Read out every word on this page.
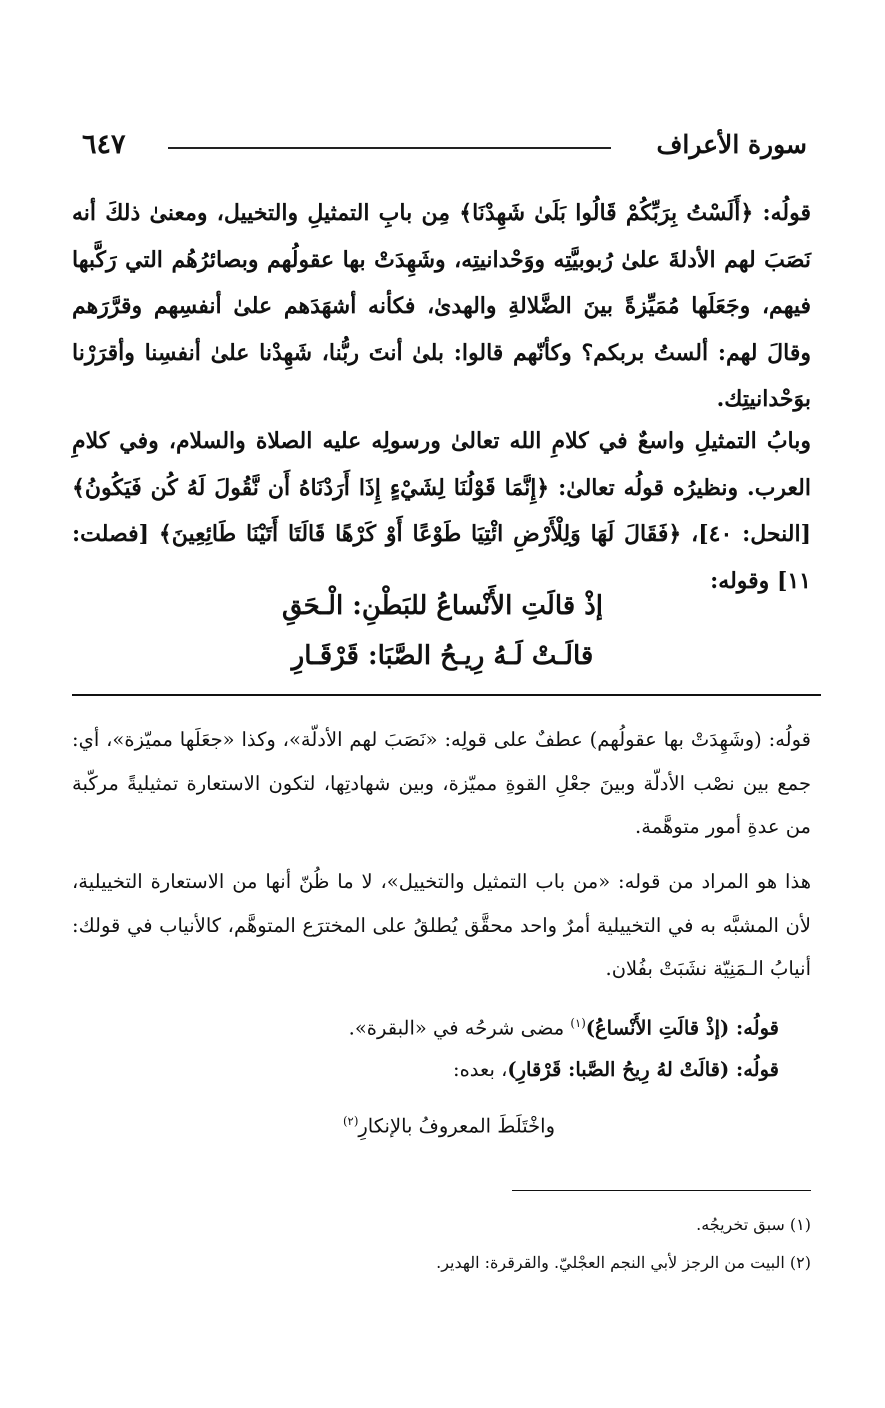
سورة الأعراف
٦٤٧

قولُه: ﴿أَلَسْتُ بِرَبِّكُمْ قَالُوا بَلَىٰ شَهِدْنَا﴾ مِن بابِ التمثيلِ والتخييل، ومعنىٰ ذلكَ أنه نَصَبَ لهم الأدلةَ علىٰ رُبوبيَّتِه ووَحْدانيتِه، وشَهِدَتْ بها عقولُهم وبصائرُهُم التي رَكَّبها فيهم، وجَعَلَها مُمَيِّزةً بينَ الضَّلالةِ والهدىٰ، فكأنه أشهَدَهم علىٰ أنفسِهم وقرَّرَهم وقالَ لهم: ألستُ بربكم؟ وكأنّهم قالوا: بلىٰ أنتَ ربُّنا، شَهِدْنا علىٰ أنفسِنا وأقرَرْنا بوَحْدانيتِك.

وبابُ التمثيلِ واسعٌ في كلامِ الله تعالىٰ ورسولِه عليه الصلاة والسلام، وفي كلامِ العرب. ونظيرُه قولُه تعالىٰ: ﴿إِنَّمَا قَوْلُنَا لِشَيْءٍ إِذَا أَرَدْنَاهُ أَن نَّقُولَ لَهُ كُن فَيَكُونُ﴾ [النحل: ٤٠]، ﴿فَقَالَ لَهَا وَلِلْأَرْضِ ائْتِيَا طَوْعًا أَوْ كَرْهًا قَالَتَا أَتَيْنَا طَائِعِينَ﴾ [فصلت: ١١] وقوله:

إذْ قالَتِ الأَنْساعُ للبَطْنِ: الْـحَقِ
قالَـتْ لَـهُ رِيـحُ الصَّبَا: قَرْقَـارِ

قولُه: (وشَهِدَتْ بها عقولُهم) عطفٌ على قولِه: «نَصَبَ لهم الأدلّة»، وكذا «جعَلَها مميّزة»، أي: جمع بين نصْب الأدلّة وبينَ جعْلِ القوةِ مميّزة، وبين شهادتِها، لتكون الاستعارة تمثيليةً مركّبة من عدةِ أمور متوهَّمة.

هذا هو المراد من قوله: «من باب التمثيل والتخييل»، لا ما ظُنّ أنها من الاستعارة التخييلية، لأن المشبَّه به في التخييلية أمرٌ واحد محقَّق يُطلقُ على المخترَع المتوهَّم، كالأنياب في قولك: أنيابُ الـمَنِيّة نشَبَتْ بفُلان.

قولُه: (إذْ قالَتِ الأَنْساعُ)$^{(١)}$ مضى شرحُه في «البقرة».
قولُه: (قالَتْ لهُ رِيحُ الصَّبا: قَرْقارِ)، بعده:
واخْتَلَطَ المعروفُ بالإنكارِ$^{(٢)}$
(١) سبق تخريجُه.
(٢) البيت من الرجز لأبي النجم العجْليّ. والقرقرة: الهدير.
